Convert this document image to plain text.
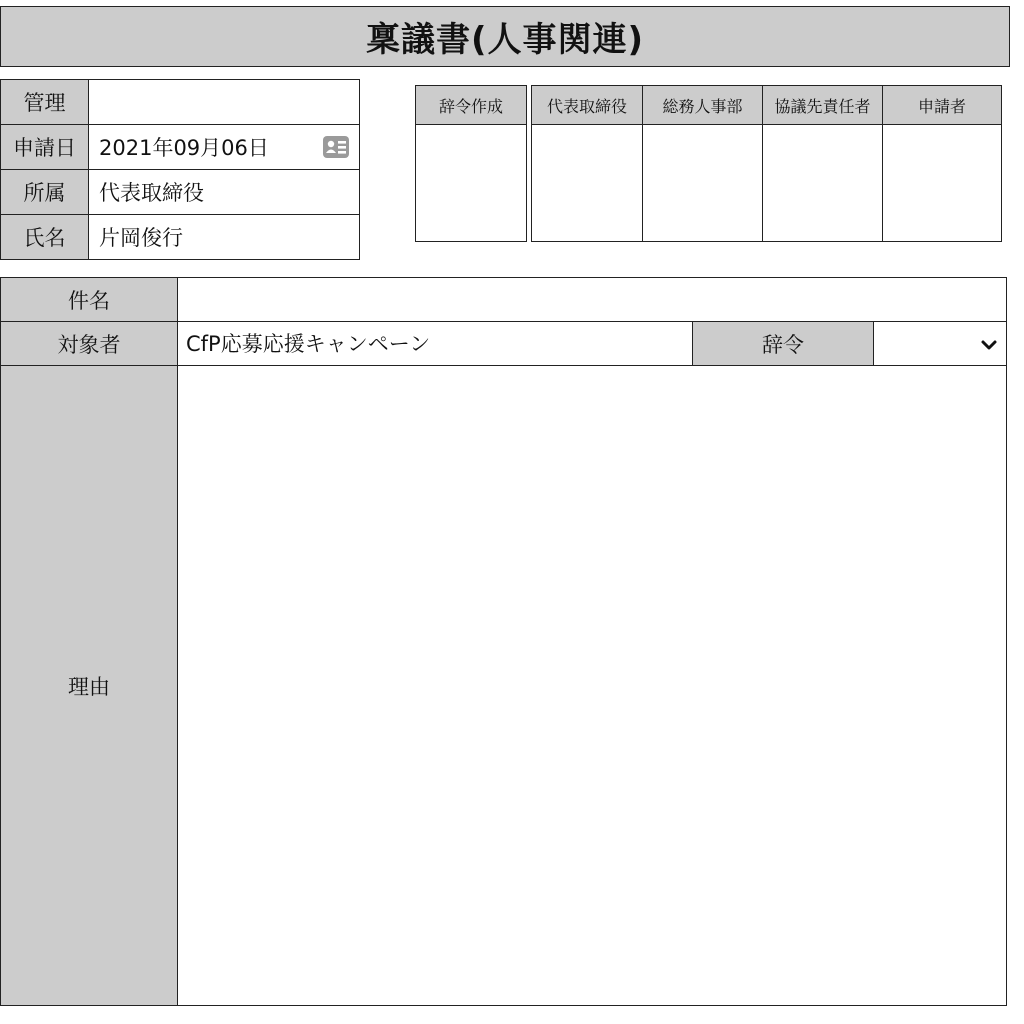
稟議書(人事関連)
管理
申請日	2021年09月06日
所属	代表取締役
氏名	片岡俊行
辞令作成	代表取締役	総務人事部	協議先責任者	申請者
件名
対象者	CfP応募応援キャンペーン	辞令
理由
